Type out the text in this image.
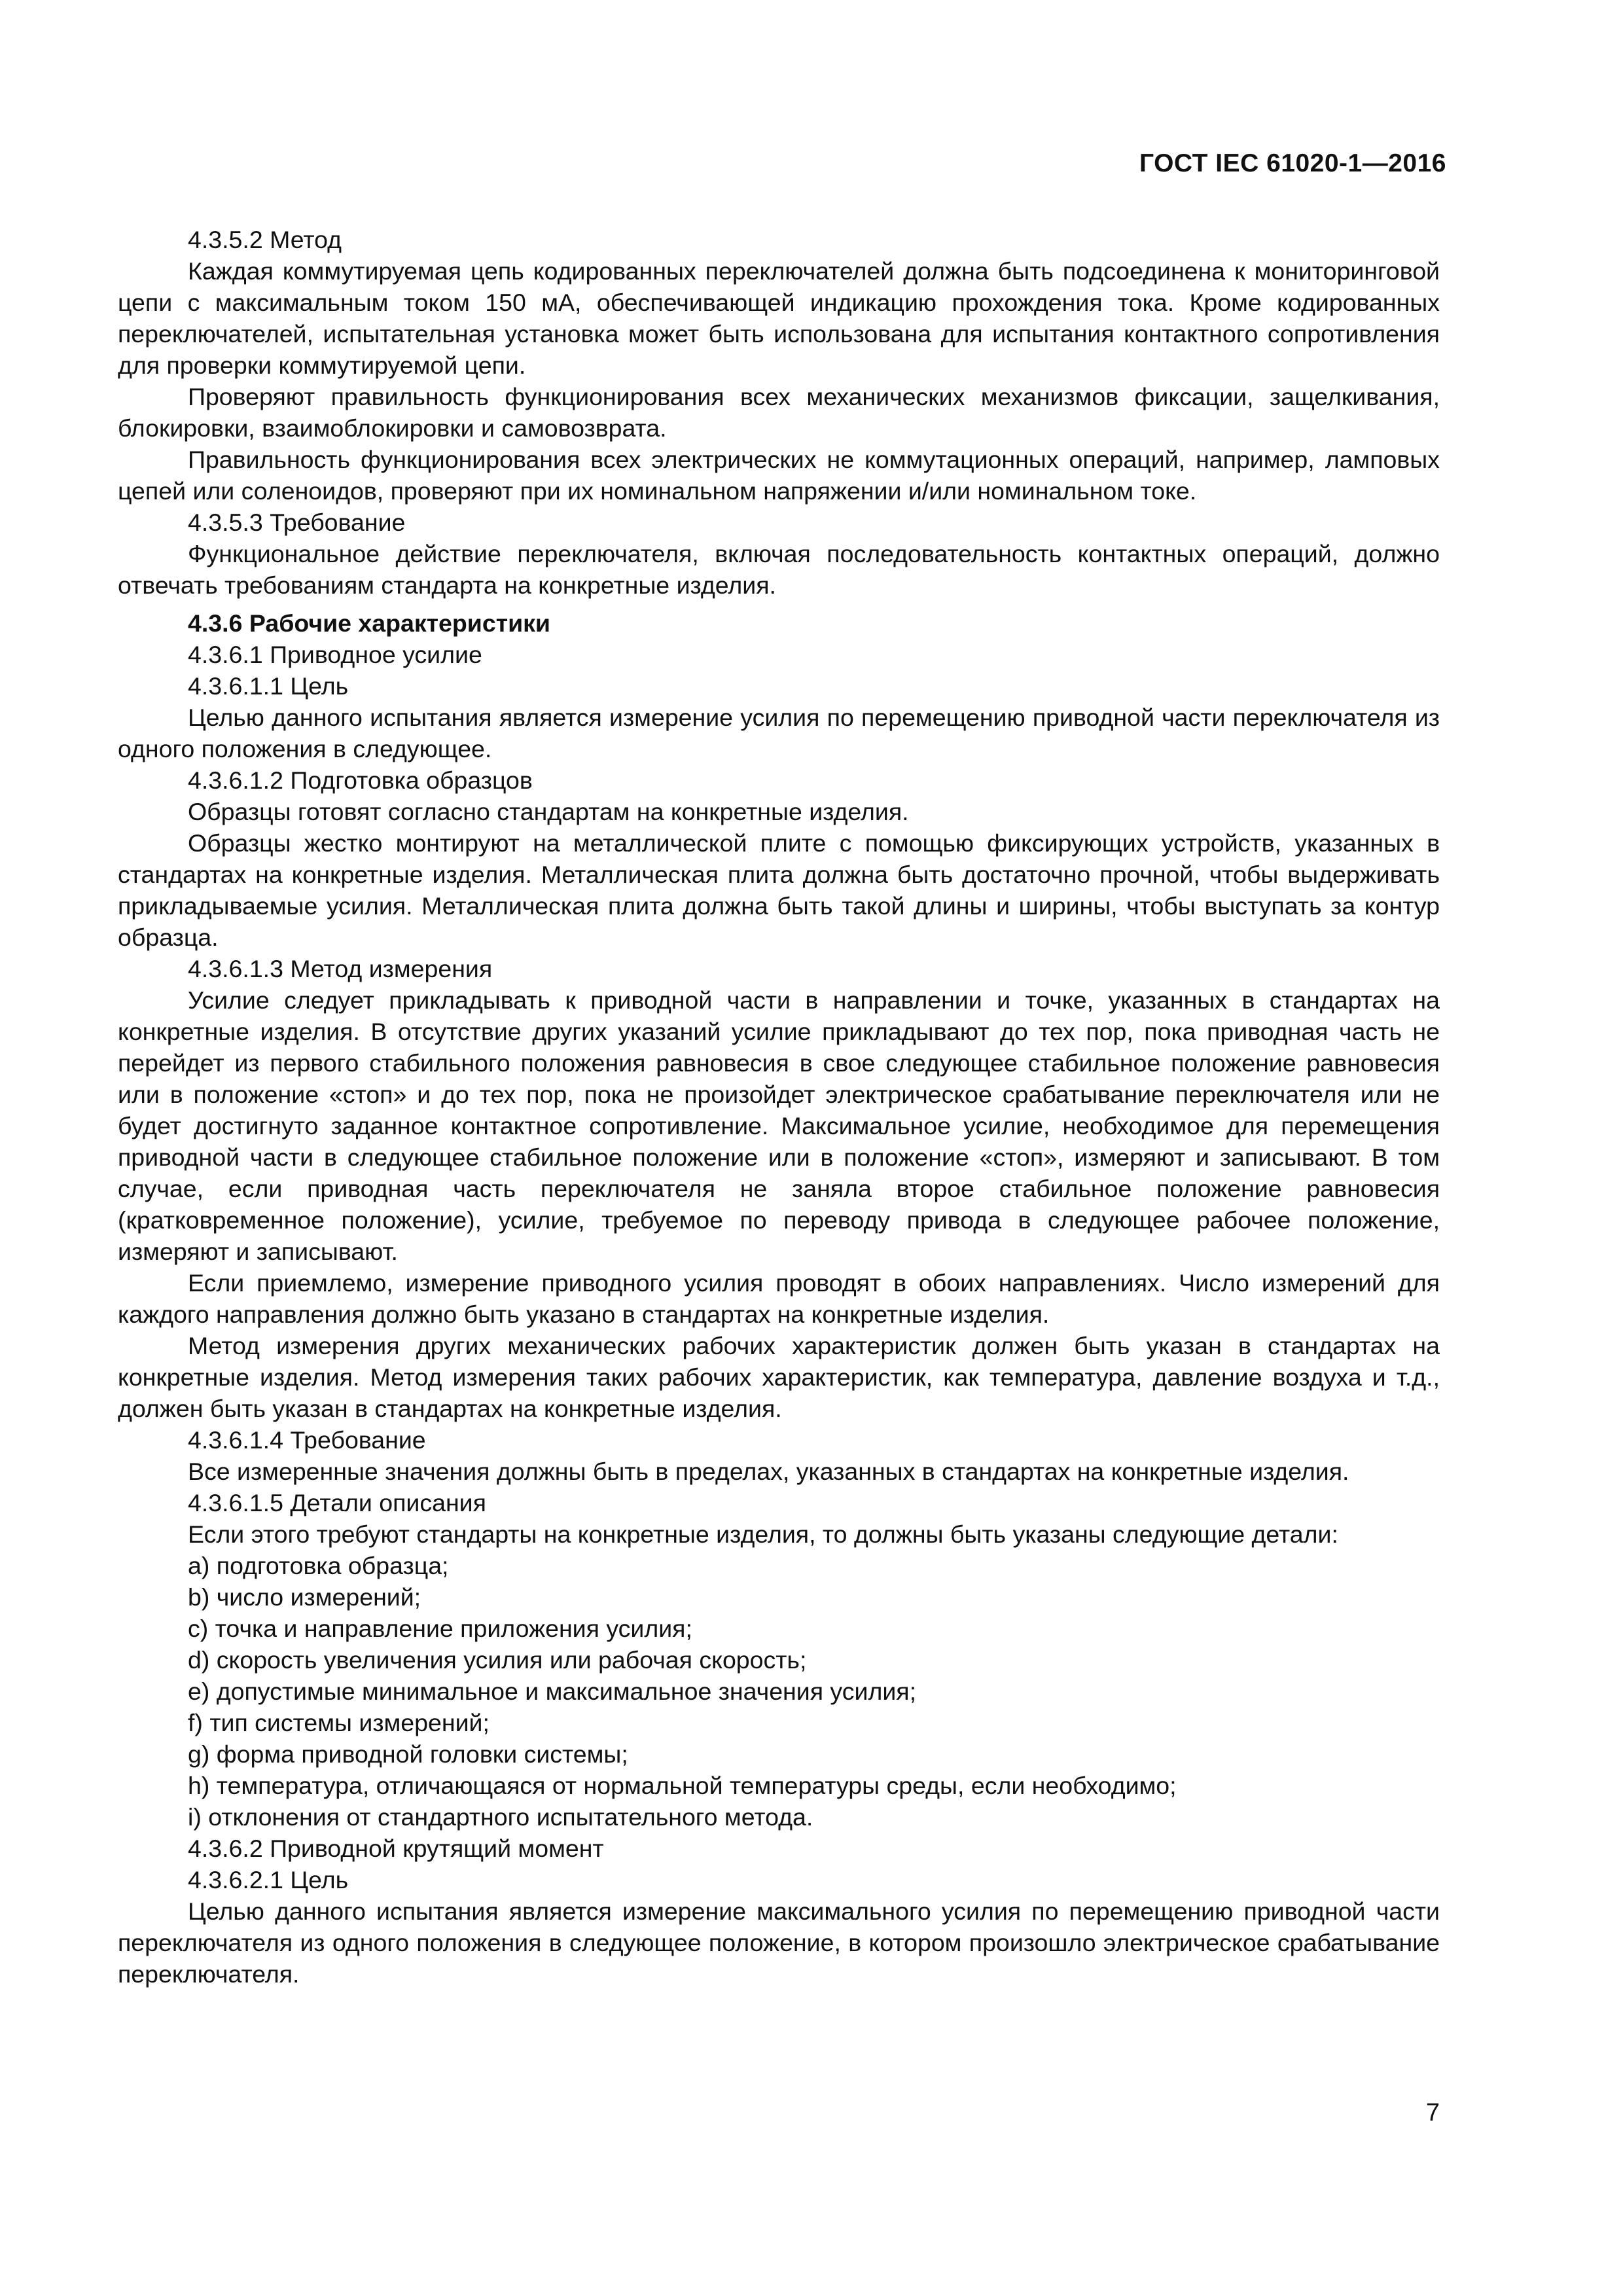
ГОСТ IEC 61020-1—2016

4.3.5.2 Метод

Каждая коммутируемая цепь кодированных переключателей должна быть подсоединена к мониторинговой цепи с максимальным током 150 мА, обеспечивающей индикацию прохождения тока. Кроме кодированных переключателей, испытательная установка может быть использована для испытания контактного сопротивления для проверки коммутируемой цепи.

Проверяют правильность функционирования всех механических механизмов фиксации, защелкивания, блокировки, взаимоблокировки и самовозврата.

Правильность функционирования всех электрических не коммутационных операций, например, ламповых цепей или соленоидов, проверяют при их номинальном напряжении и/или номинальном токе.

4.3.5.3 Требование

Функциональное действие переключателя, включая последовательность контактных операций, должно отвечать требованиям стандарта на конкретные изделия.

4.3.6 Рабочие характеристики

4.3.6.1 Приводное усилие

4.3.6.1.1 Цель

Целью данного испытания является измерение усилия по перемещению приводной части переключателя из одного положения в следующее.

4.3.6.1.2 Подготовка образцов

Образцы готовят согласно стандартам на конкретные изделия.

Образцы жестко монтируют на металлической плите с помощью фиксирующих устройств, указанных в стандартах на конкретные изделия. Металлическая плита должна быть достаточно прочной, чтобы выдерживать прикладываемые усилия. Металлическая плита должна быть такой длины и ширины, чтобы выступать за контур образца.

4.3.6.1.3 Метод измерения

Усилие следует прикладывать к приводной части в направлении и точке, указанных в стандартах на конкретные изделия. В отсутствие других указаний усилие прикладывают до тех пор, пока приводная часть не перейдет из первого стабильного положения равновесия в свое следующее стабильное положение равновесия или в положение «стоп» и до тех пор, пока не произойдет электрическое срабатывание переключателя или не будет достигнуто заданное контактное сопротивление. Максимальное усилие, необходимое для перемещения приводной части в следующее стабильное положение или в положение «стоп», измеряют и записывают. В том случае, если приводная часть переключателя не заняла второе стабильное положение равновесия (кратковременное положение), усилие, требуемое по переводу привода в следующее рабочее положение, измеряют и записывают.

Если приемлемо, измерение приводного усилия проводят в обоих направлениях. Число измерений для каждого направления должно быть указано в стандартах на конкретные изделия.

Метод измерения других механических рабочих характеристик должен быть указан в стандартах на конкретные изделия. Метод измерения таких рабочих характеристик, как температура, давление воздуха и т.д., должен быть указан в стандартах на конкретные изделия.

4.3.6.1.4 Требование

Все измеренные значения должны быть в пределах, указанных в стандартах на конкретные изделия.

4.3.6.1.5 Детали описания

Если этого требуют стандарты на конкретные изделия, то должны быть указаны следующие детали:

a) подготовка образца;

b) число измерений;

c) точка и направление приложения усилия;

d) скорость увеличения усилия или рабочая скорость;

e) допустимые минимальное и максимальное значения усилия;

f) тип системы измерений;

g) форма приводной головки системы;

h) температура, отличающаяся от нормальной температуры среды, если необходимо;

i) отклонения от стандартного испытательного метода.

4.3.6.2 Приводной крутящий момент

4.3.6.2.1 Цель

Целью данного испытания является измерение максимального усилия по перемещению приводной части переключателя из одного положения в следующее положение, в котором произошло электрическое срабатывание переключателя.

7
